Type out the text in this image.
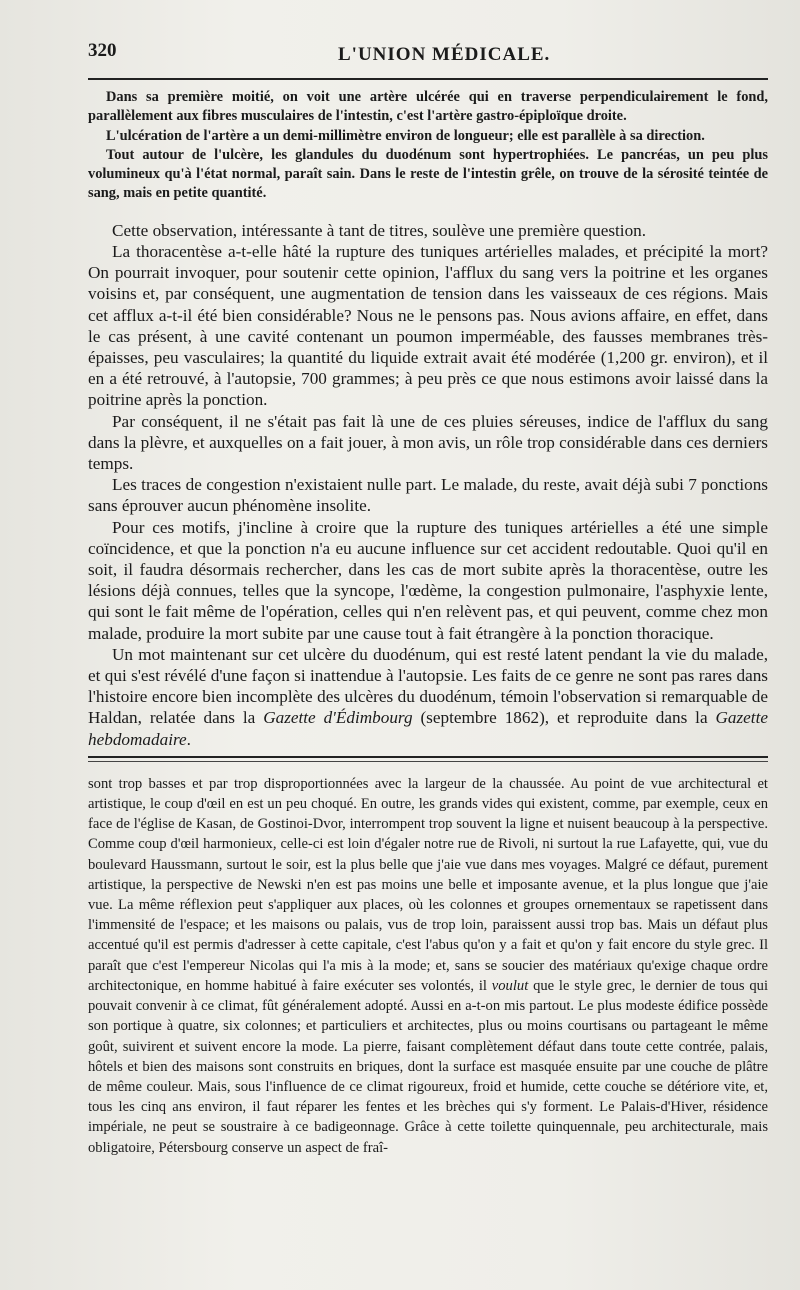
320	L'UNION MÉDICALE.

Dans sa première moitié, on voit une artère ulcérée qui en traverse perpendiculairement le fond, parallèlement aux fibres musculaires de l'intestin, c'est l'artère gastro-épiploïque droite.

L'ulcération de l'artère a un demi-millimètre environ de longueur; elle est parallèle à sa direction.

Tout autour de l'ulcère, les glandules du duodénum sont hypertrophiées. Le pancréas, un peu plus volumineux qu'à l'état normal, paraît sain. Dans le reste de l'intestin grêle, on trouve de la sérosité teintée de sang, mais en petite quantité.

Cette observation, intéressante à tant de titres, soulève une première question.

La thoracentèse a-t-elle hâté la rupture des tuniques artérielles malades, et précipité la mort? On pourrait invoquer, pour soutenir cette opinion, l'afflux du sang vers la poitrine et les organes voisins et, par conséquent, une augmentation de tension dans les vaisseaux de ces régions. Mais cet afflux a-t-il été bien considérable? Nous ne le pensons pas. Nous avions affaire, en effet, dans le cas présent, à une cavité contenant un poumon imperméable, des fausses membranes très-épaisses, peu vasculaires; la quantité du liquide extrait avait été modérée (1,200 gr. environ), et il en a été retrouvé, à l'autopsie, 700 grammes; à peu près ce que nous estimons avoir laissé dans la poitrine après la ponction.

Par conséquent, il ne s'était pas fait là une de ces pluies séreuses, indice de l'afflux du sang dans la plèvre, et auxquelles on a fait jouer, à mon avis, un rôle trop considérable dans ces derniers temps.

Les traces de congestion n'existaient nulle part. Le malade, du reste, avait déjà subi 7 ponctions sans éprouver aucun phénomène insolite.

Pour ces motifs, j'incline à croire que la rupture des tuniques artérielles a été une simple coïncidence, et que la ponction n'a eu aucune influence sur cet accident redoutable. Quoi qu'il en soit, il faudra désormais rechercher, dans les cas de mort subite après la thoracentèse, outre les lésions déjà connues, telles que la syncope, l'œdème, la congestion pulmonaire, l'asphyxie lente, qui sont le fait même de l'opération, celles qui n'en relèvent pas, et qui peuvent, comme chez mon malade, produire la mort subite par une cause tout à fait étrangère à la ponction thoracique.

Un mot maintenant sur cet ulcère du duodénum, qui est resté latent pendant la vie du malade, et qui s'est révélé d'une façon si inattendue à l'autopsie. Les faits de ce genre ne sont pas rares dans l'histoire encore bien incomplète des ulcères du duodénum, témoin l'observation si remarquable de Haldan, relatée dans la Gazette d'Édimbourg (septembre 1862), et reproduite dans la Gazette hebdomadaire.

sont trop basses et par trop disproportionnées avec la largeur de la chaussée. Au point de vue architectural et artistique, le coup d'œil en est un peu choqué. En outre, les grands vides qui existent, comme, par exemple, ceux en face de l'église de Kasan, de Gostinoi-Dvor, interrompent trop souvent la ligne et nuisent beaucoup à la perspective. Comme coup d'œil harmonieux, celle-ci est loin d'égaler notre rue de Rivoli, ni surtout la rue Lafayette, qui, vue du boulevard Haussmann, surtout le soir, est la plus belle que j'aie vue dans mes voyages. Malgré ce défaut, purement artistique, la perspective de Newski n'en est pas moins une belle et imposante avenue, et la plus longue que j'aie vue. La même réflexion peut s'appliquer aux places, où les colonnes et groupes ornementaux se rapetissent dans l'immensité de l'espace; et les maisons ou palais, vus de trop loin, paraissent aussi trop bas. Mais un défaut plus accentué qu'il est permis d'adresser à cette capitale, c'est l'abus qu'on y a fait et qu'on y fait encore du style grec. Il paraît que c'est l'empereur Nicolas qui l'a mis à la mode; et, sans se soucier des matériaux qu'exige chaque ordre architectonique, en homme habitué à faire exécuter ses volontés, il voulut que le style grec, le dernier de tous qui pouvait convenir à ce climat, fût généralement adopté. Aussi en a-t-on mis partout. Le plus modeste édifice possède son portique à quatre, six colonnes; et particuliers et architectes, plus ou moins courtisans ou partageant le même goût, suivirent et suivent encore la mode. La pierre, faisant complètement défaut dans toute cette contrée, palais, hôtels et bien des maisons sont construits en briques, dont la surface est masquée ensuite par une couche de plâtre de même couleur. Mais, sous l'influence de ce climat rigoureux, froid et humide, cette couche se détériore vite, et, tous les cinq ans environ, il faut réparer les fentes et les brèches qui s'y forment. Le Palais-d'Hiver, résidence impériale, ne peut se soustraire à ce badigeonnage. Grâce à cette toilette quinquennale, peu architecturale, mais obligatoire, Pétersbourg conserve un aspect de fraî-
